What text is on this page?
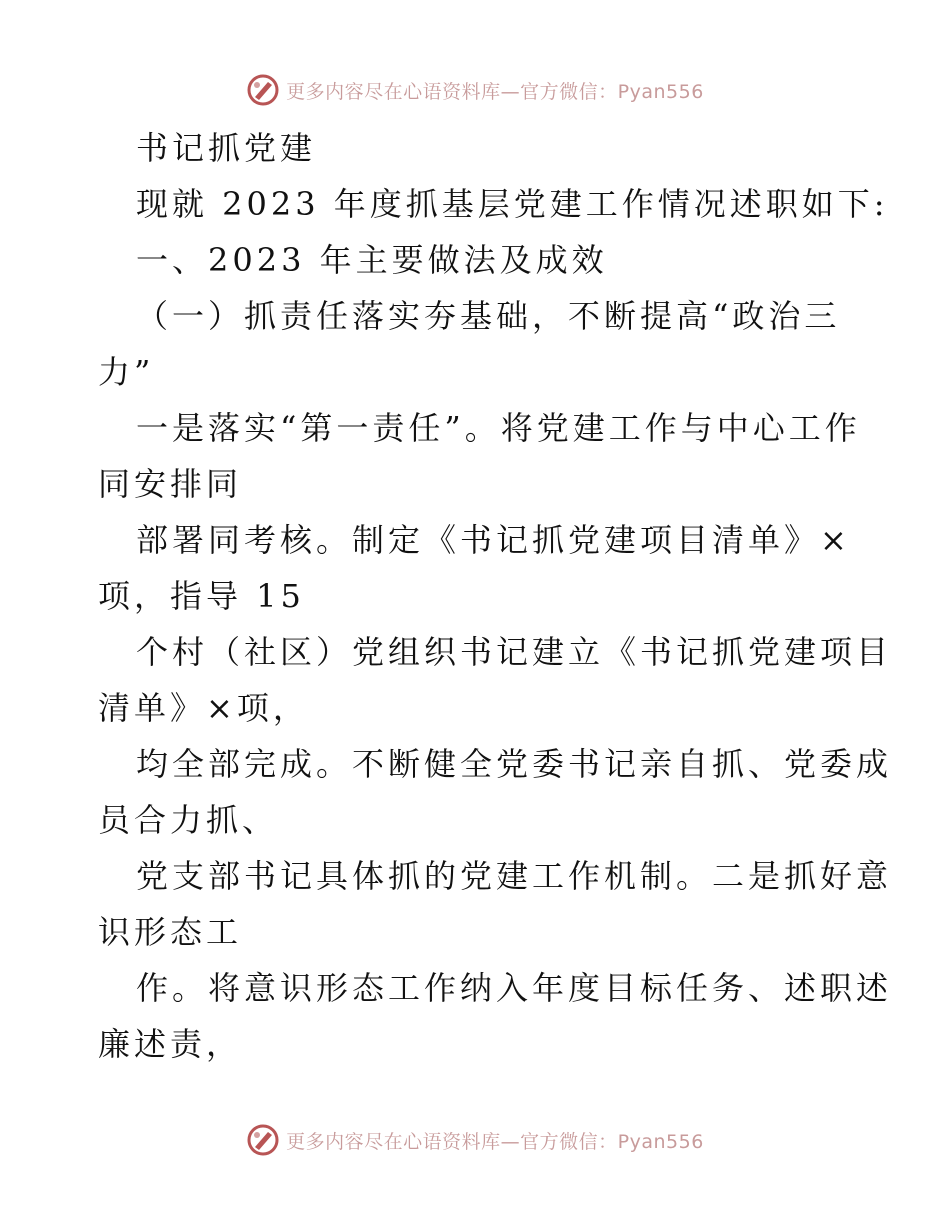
更多内容尽在心语资料库—官方微信：Pyan556
书记抓党建
现就 2023 年度抓基层党建工作情况述职如下:
一、2023 年主要做法及成效
（一）抓责任落实夯基础，不断提高“政治三
力”
一是落实“第一责任”。将党建工作与中心工作
同安排同
部署同考核。制定《书记抓党建项目清单》×
项，指导 15
个村（社区）党组织书记建立《书记抓党建项目
清单》×项，
均全部完成。不断健全党委书记亲自抓、党委成
员合力抓、
党支部书记具体抓的党建工作机制。二是抓好意
识形态工
作。将意识形态工作纳入年度目标任务、述职述
廉述责，
更多内容尽在心语资料库—官方微信：Pyan556
